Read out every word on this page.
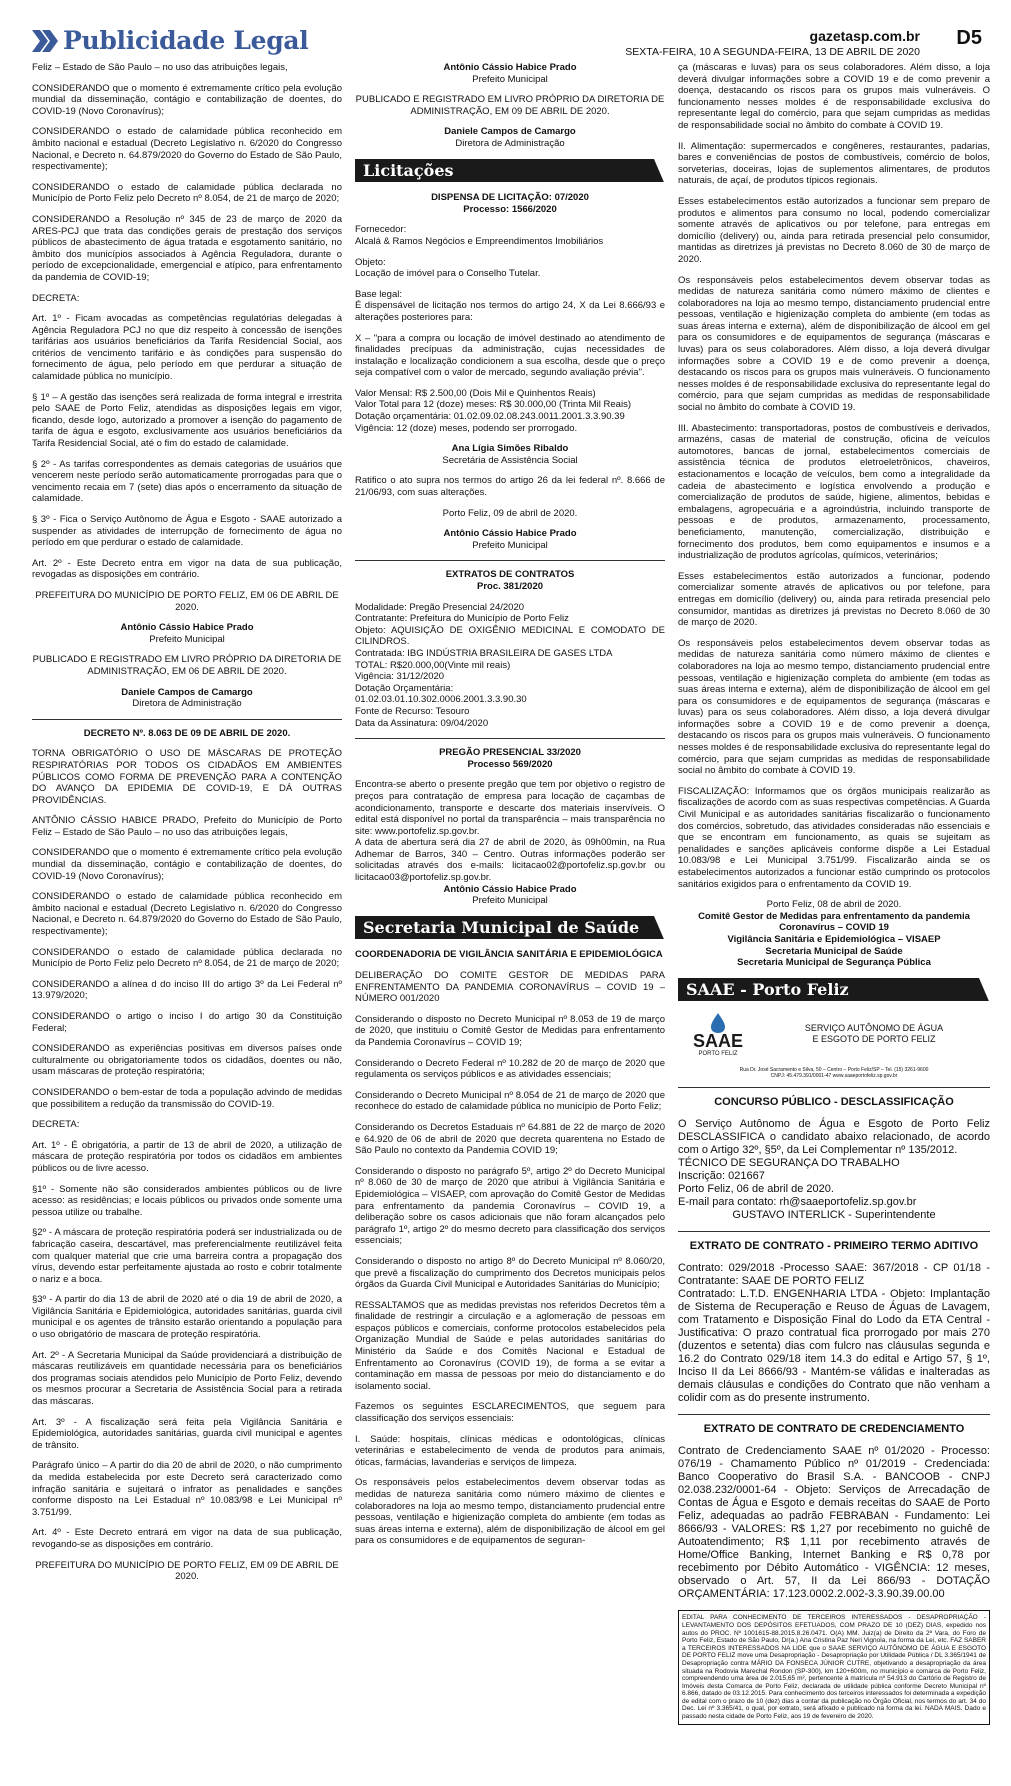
Publicidade Legal	gazetasp.com.br
SEXTA-FEIRA, 10 A SEGUNDA-FEIRA, 13 DE ABRIL DE 2020
D5

Feliz – Estado de São Paulo – no uso das atribuições legais,

CONSIDERANDO que o momento é extremamente crítico pela evolução mundial da disseminação, contágio e contabilização de doentes, do COVID-19 (Novo Coronavírus);

CONSIDERANDO o estado de calamidade pública reconhecido em âmbito nacional e estadual (Decreto Legislativo n. 6/2020 do Congresso Nacional, e Decreto n. 64.879/2020 do Governo do Estado de São Paulo, respectivamente);

CONSIDERANDO o estado de calamidade pública declarada no Município de Porto Feliz pelo Decreto nº 8.054, de 21 de março de 2020;

CONSIDERANDO a Resolução nº 345 de 23 de março de 2020 da ARES-PCJ que trata das condições gerais de prestação dos serviços públicos de abastecimento de água tratada e esgotamento sanitário, no âmbito dos municípios associados à Agência Reguladora, durante o período de excepcionalidade, emergencial e atípico, para enfrentamento da pandemia de COVID-19;

DECRETA:

Art. 1º - Ficam avocadas as competências regulatórias delegadas à Agência Reguladora PCJ no que diz respeito à concessão de isenções tarifárias aos usuários beneficiários da Tarifa Residencial Social, aos critérios de vencimento tarifário e às condições para suspensão do fornecimento de água, pelo período em que perdurar a situação de calamidade pública no município.

§ 1º – A gestão das isenções será realizada de forma integral e irrestrita pelo SAAE de Porto Feliz, atendidas as disposições legais em vigor, ficando, desde logo, autorizado a promover a isenção do pagamento de tarifa de água e esgoto, exclusivamente aos usuários beneficiários da Tarifa Residencial Social, até o fim do estado de calamidade.

§ 2º - As tarifas correspondentes as demais categorias de usuários que vencerem neste período serão automaticamente prorrogadas para que o vencimento recaia em 7 (sete) dias após o encerramento da situação de calamidade.

§ 3º - Fica o Serviço Autônomo de Água e Esgoto - SAAE autorizado a suspender as atividades de interrupção de fornecimento de água no período em que perdurar o estado de calamidade.

Art. 2º - Este Decreto entra em vigor na data de sua publicação, revogadas as disposições em contrário.

PREFEITURA DO MUNICÍPIO DE PORTO FELIZ, EM 06 DE ABRIL DE 2020.

Antônio Cássio Habice Prado
Prefeito Municipal

PUBLICADO E REGISTRADO EM LIVRO PRÓPRIO DA DIRETORIA DE ADMINISTRAÇÃO, EM 06 DE ABRIL DE 2020.

Daniele Campos de Camargo
Diretora de Administração

DECRETO Nº. 8.063 DE 09 DE ABRIL DE 2020.

TORNA OBRIGATÓRIO O USO DE MÁSCARAS DE PROTEÇÃO RESPIRATÓRIAS POR TODOS OS CIDADÃOS EM AMBIENTES PÚBLICOS COMO FORMA DE PREVENÇÃO PARA A CONTENÇÃO DO AVANÇO DA EPIDEMIA DE COVID-19, E DÁ OUTRAS PROVIDÊNCIAS.

ANTÔNIO CÁSSIO HABICE PRADO, Prefeito do Município de Porto Feliz – Estado de São Paulo – no uso das atribuições legais,

CONSIDERANDO que o momento é extremamente crítico pela evolução mundial da disseminação, contágio e contabilização de doentes, do COVID-19 (Novo Coronavírus);

CONSIDERANDO o estado de calamidade pública reconhecido em âmbito nacional e estadual (Decreto Legislativo n. 6/2020 do Congresso Nacional, e Decreto n. 64.879/2020 do Governo do Estado de São Paulo, respectivamente);

CONSIDERANDO o estado de calamidade pública declarada no Município de Porto Feliz pelo Decreto nº 8.054, de 21 de março de 2020;

CONSIDERANDO a alínea d do inciso III do artigo 3º da Lei Federal nº 13.979/2020;

CONSIDERANDO o artigo o inciso I do artigo 30 da Constituição Federal;

CONSIDERANDO as experiências positivas em diversos países onde culturalmente ou obrigatoriamente todos os cidadãos, doentes ou não, usam máscaras de proteção respiratória;

CONSIDERANDO o bem-estar de toda a população advindo de medidas que possibilitem a redução da transmissão do COVID-19.

DECRETA:

Art. 1º - É obrigatória, a partir de 13 de abril de 2020, a utilização de máscara de proteção respiratória por todos os cidadãos em ambientes públicos ou de livre acesso.

§1º - Somente não são considerados ambientes públicos ou de livre acesso: as residências; e locais públicos ou privados onde somente uma pessoa utilize ou trabalhe.

§2º - A máscara de proteção respiratória poderá ser industrializada ou de fabricação caseira, descartável, mas preferencialmente reutilizável feita com qualquer material que crie uma barreira contra a propagação dos vírus, devendo estar perfeitamente ajustada ao rosto e cobrir totalmente o nariz e a boca.

§3º - A partir do dia 13 de abril de 2020 até o dia 19 de abril de 2020, a Vigilância Sanitária e Epidemiológica, autoridades sanitárias, guarda civil municipal e os agentes de trânsito estarão orientando a população para o uso obrigatório de mascara de proteção respiratória.

Art. 2º - A Secretaria Municipal da Saúde providenciará a distribuição de máscaras reutilizáveis em quantidade necessária para os beneficiários dos programas sociais atendidos pelo Município de Porto Feliz, devendo os mesmos procurar a Secretaria de Assistência Social para a retirada das máscaras.

Art. 3º - A fiscalização será feita pela Vigilância Sanitária e Epidemiológica, autoridades sanitárias, guarda civil municipal e agentes de trânsito.

Parágrafo único – A partir do dia 20 de abril de 2020, o não cumprimento da medida estabelecida por este Decreto será caracterizado como infração sanitária e sujeitará o infrator as penalidades e sanções conforme disposto na Lei Estadual nº 10.083/98 e Lei Municipal nº 3.751/99.

Art. 4º - Este Decreto entrará em vigor na data de sua publicação, revogando-se as disposições em contrário.

PREFEITURA DO MUNICÍPIO DE PORTO FELIZ, EM 09 DE ABRIL DE 2020.

Antônio Cássio Habice Prado
Prefeito Municipal

PUBLICADO E REGISTRADO EM LIVRO PRÓPRIO DA DIRETORIA DE ADMINISTRAÇÃO, EM 09 DE ABRIL DE 2020.

Daniele Campos de Camargo
Diretora de Administração
Licitações

DISPENSA DE LICITAÇÃO: 07/2020

Processo: 1566/2020

Fornecedor:

Alcalá & Ramos Negócios e Empreendimentos Imobiliários

Objeto:

Locação de imóvel para o Conselho Tutelar.

Base legal:

É dispensável de licitação nos termos do artigo 24, X da Lei 8.666/93 e alterações posteriores para:

X – "para a compra ou locação de imóvel destinado ao atendimento de finalidades precípuas da administração, cujas necessidades de instalação e localização condicionem a sua escolha, desde que o preço seja compatível com o valor de mercado, segundo avaliação prévia".

Valor Mensal: R$ 2.500,00 (Dois Mil e Quinhentos Reais)

Valor Total para 12 (doze) meses: R$ 30.000,00 (Trinta Mil Reais)

Dotação orçamentária: 01.02.09.02.08.243.0011.2001.3.3.90.39

Vigência: 12 (doze) meses, podendo ser prorrogado.

Ana Lígia Simões Ribaldo
Secretária de Assistência Social

Ratifico o ato supra nos termos do artigo 26 da lei federal nº. 8.666 de 21/06/93, com suas alterações.

Porto Feliz, 09 de abril de 2020.

Antônio Cássio Habice Prado
Prefeito Municipal

EXTRATOS DE CONTRATOS

Proc. 381/2020

Modalidade: Pregão Presencial 24/2020

Contratante: Prefeitura do Município de Porto Feliz

Objeto: AQUISIÇÃO DE OXIGÊNIO MEDICINAL E COMODATO DE CILINDROS.

Contratada: IBG INDÚSTRIA BRASILEIRA DE GASES LTDA

TOTAL: R$20.000,00(Vinte mil reais)

Vigência: 31/12/2020

Dotação Orçamentária:

01.02.03.01.10.302.0006.2001.3.3.90.30

Fonte de Recurso: Tesouro

Data da Assinatura: 09/04/2020

PREGÃO PRESENCIAL 33/2020

Processo 569/2020

Encontra-se aberto o presente pregão que tem por objetivo o registro de preços para contratação de empresa para locação de caçambas de acondicionamento, transporte e descarte dos materiais inservíveis. O edital está disponível no portal da transparência – mais transparência no site: www.portofeliz.sp.gov.br.

A data de abertura será dia 27 de abril de 2020, às 09h00min, na Rua Adhemar de Barros, 340 – Centro. Outras informações poderão ser solicitadas através dos e-mails: licitacao02@portofeliz.sp.gov.br ou licitacao03@portofeliz.sp.gov.br.

Antônio Cássio Habice Prado
Prefeito Municipal
Secretaria Municipal de Saúde

COORDENADORIA DE VIGILÂNCIA SANITÁRIA E EPIDEMIOLÓGICA

DELIBERAÇÃO DO COMITE GESTOR DE MEDIDAS PARA ENFRENTAMENTO DA PANDEMIA CORONAVÍRUS – COVID 19 – NÚMERO 001/2020

Considerando o disposto no Decreto Municipal nº 8.053 de 19 de março de 2020, que instituiu o Comitê Gestor de Medidas para enfrentamento da Pandemia Coronavírus – COVID 19;

Considerando o Decreto Federal nº 10.282 de 20 de março de 2020 que regulamenta os serviços públicos e as atividades essenciais;

Considerando o Decreto Municipal nº 8.054 de 21 de março de 2020 que reconhece do estado de calamidade pública no município de Porto Feliz;

Considerando os Decretos Estaduais nº 64.881 de 22 de março de 2020 e 64.920 de 06 de abril de 2020 que decreta quarentena no Estado de São Paulo no contexto da Pandemia COVID 19;

Considerando o disposto no parágrafo 5º, artigo 2º do Decreto Municipal nº 8.060 de 30 de março de 2020 que atribui à Vigilância Sanitária e Epidemiológica – VISAEP, com aprovação do Comitê Gestor de Medidas para enfrentamento da pandemia Coronavírus – COVID 19, a deliberação sobre os casos adicionais que não foram alcançados pelo parágrafo 1º, artigo 2º do mesmo decreto para classificação dos serviços essenciais;

Considerando o disposto no artigo 8º do Decreto Municipal nº 8.060/20, que prevê a fiscalização do cumprimento dos Decretos municipais pelos órgãos da Guarda Civil Municipal e Autoridades Sanitárias do Município;

RESSALTAMOS que as medidas previstas nos referidos Decretos têm a finalidade de restringir a circulação e a aglomeração de pessoas em espaços públicos e comerciais, conforme protocolos estabelecidos pela Organização Mundial de Saúde e pelas autoridades sanitárias do Ministério da Saúde e dos Comitês Nacional e Estadual de Enfrentamento ao Coronavírus (COVID 19), de forma a se evitar a contaminação em massa de pessoas por meio do distanciamento e do isolamento social.

Fazemos os seguintes ESCLARECIMENTOS, que seguem para classificação dos serviços essenciais:

I. Saúde: hospitais, clínicas médicas e odontológicas, clínicas veterinárias e estabelecimento de venda de produtos para animais, óticas, farmácias, lavanderias e serviços de limpeza.

Os responsáveis pelos estabelecimentos devem observar todas as medidas de natureza sanitária como número máximo de clientes e colaboradores na loja ao mesmo tempo, distanciamento prudencial entre pessoas, ventilação e higienização completa do ambiente (em todas as suas áreas interna e externa), além de disponibilização de álcool em gel para os consumidores e de equipamentos de seguran-

ça (máscaras e luvas) para os seus colaboradores. Além disso, a loja deverá divulgar informações sobre a COVID 19 e de como prevenir a doença, destacando os riscos para os grupos mais vulneráveis. O funcionamento nesses moldes é de responsabilidade exclusiva do representante legal do comércio, para que sejam cumpridas as medidas de responsabilidade social no âmbito do combate à COVID 19.

II. Alimentação: supermercados e congêneres, restaurantes, padarias, bares e conveniências de postos de combustíveis, comércio de bolos, sorveterias, doceiras, lojas de suplementos alimentares, de produtos naturais, de açaí, de produtos típicos regionais.

Esses estabelecimentos estão autorizados a funcionar sem preparo de produtos e alimentos para consumo no local, podendo comercializar somente através de aplicativos ou por telefone, para entregas em domicílio (delivery) ou, ainda para retirada presencial pelo consumidor, mantidas as diretrizes já previstas no Decreto 8.060 de 30 de março de 2020.

Os responsáveis pelos estabelecimentos devem observar todas as medidas de natureza sanitária como número máximo de clientes e colaboradores na loja ao mesmo tempo, distanciamento prudencial entre pessoas, ventilação e higienização completa do ambiente (em todas as suas áreas interna e externa), além de disponibilização de álcool em gel para os consumidores e de equipamentos de segurança (máscaras e luvas) para os seus colaboradores. Além disso, a loja deverá divulgar informações sobre a COVID 19 e de como prevenir a doença, destacando os riscos para os grupos mais vulneráveis. O funcionamento nesses moldes é de responsabilidade exclusiva do representante legal do comércio, para que sejam cumpridas as medidas de responsabilidade social no âmbito do combate à COVID 19.

III. Abastecimento: transportadoras, postos de combustíveis e derivados, armazéns, casas de material de construção, oficina de veículos automotores, bancas de jornal, estabelecimentos comerciais de assistência técnica de produtos eletroeletrônicos, chaveiros, estacionamentos e locação de veículos, bem como a integralidade da cadeia de abastecimento e logística envolvendo a produção e comercialização de produtos de saúde, higiene, alimentos, bebidas e embalagens, agropecuária e a agroindústria, incluindo transporte de pessoas e de produtos, armazenamento, processamento, beneficiamento, manutenção, comercialização, distribuição e fornecimento dos produtos, bem como equipamentos e insumos e a industrialização de produtos agrícolas, químicos, veterinários;

Esses estabelecimentos estão autorizados a funcionar, podendo comercializar somente através de aplicativos ou por telefone, para entregas em domicílio (delivery) ou, ainda para retirada presencial pelo consumidor, mantidas as diretrizes já previstas no Decreto 8.060 de 30 de março de 2020.

Os responsáveis pelos estabelecimentos devem observar todas as medidas de natureza sanitária como número máximo de clientes e colaboradores na loja ao mesmo tempo, distanciamento prudencial entre pessoas, ventilação e higienização completa do ambiente (em todas as suas áreas interna e externa), além de disponibilização de álcool em gel para os consumidores e de equipamentos de segurança (máscaras e luvas) para os seus colaboradores. Além disso, a loja deverá divulgar informações sobre a COVID 19 e de como prevenir a doença, destacando os riscos para os grupos mais vulneráveis. O funcionamento nesses moldes é de responsabilidade exclusiva do representante legal do comércio, para que sejam cumpridas as medidas de responsabilidade social no âmbito do combate à COVID 19.

FISCALIZAÇÃO: Informamos que os órgãos municipais realizarão as fiscalizações de acordo com as suas respectivas competências. A Guarda Civil Municipal e as autoridades sanitárias fiscalizarão o funcionamento dos comércios, sobretudo, das atividades consideradas não essenciais e que se encontram em funcionamento, as quais se sujeitam as penalidades e sanções aplicáveis conforme dispõe a Lei Estadual 10.083/98 e Lei Municipal 3.751/99. Fiscalizarão ainda se os estabelecimentos autorizados a funcionar estão cumprindo os protocolos sanitários exigidos para o enfrentamento da COVID 19.

Porto Feliz, 08 de abril de 2020.

Comitê Gestor de Medidas para enfrentamento da pandemia Coronavírus – COVID 19

Vigilância Sanitária e Epidemiológica – VISAEP

Secretaria Municipal de Saúde

Secretaria Municipal de Segurança Pública

SAAE - Porto Feliz
SAAE
PORTO FELIZ
SERVIÇO AUTÔNOMO DE ÁGUA
E ESGOTO DE PORTO FELIZ
Rua Dr. José Sacramento e Silva, 50 – Centro – Porto Feliz/SP – Tel. (15) 3261-9600
CNPJ: 45.479.391/0001-47 www.saaeportofeliz.sp.gov.br

CONCURSO PÚBLICO - DESCLASSIFICAÇÃO

O Serviço Autônomo de Água e Esgoto de Porto Feliz DESCLASSIFICA o candidato abaixo relacionado, de acordo com o Artigo 32º, §5º, da Lei Complementar nº 135/2012.

TÉCNICO DE SEGURANÇA DO TRABALHO

Inscrição: 021667

Porto Feliz, 06 de abril de 2020.

E-mail para contato: rh@saaeportofeliz.sp.gov.br

GUSTAVO INTERLICK - Superintendente

EXTRATO DE CONTRATO - PRIMEIRO TERMO ADITIVO

Contrato: 029/2018 -Processo SAAE: 367/2018 - CP 01/18 - Contratante: SAAE DE PORTO FELIZ

Contratado: L.T.D. ENGENHARIA LTDA - Objeto: Implantação de Sistema de Recuperação e Reuso de Águas de Lavagem, com Tratamento e Disposição Final do Lodo da ETA Central - Justificativa: O prazo contratual fica prorrogado por mais 270 (duzentos e setenta) dias com fulcro nas cláusulas segunda e 16.2 do Contrato 029/18 item 14.3 do edital e Artigo 57, § 1º, Inciso II da Lei 8666/93 - Mantém-se válidas e inalteradas as demais cláusulas e condições do Contrato que não venham a colidir com as do presente instrumento.

EXTRATO DE CONTRATO DE CREDENCIAMENTO

Contrato de Credenciamento SAAE nº 01/2020 - Processo: 076/19 - Chamamento Público nº 01/2019 - Credenciada: Banco Cooperativo do Brasil S.A. - BANCOOB - CNPJ 02.038.232/0001-64 - Objeto: Serviços de Arrecadação de Contas de Água e Esgoto e demais receitas do SAAE de Porto Feliz, adequadas ao padrão FEBRABAN - Fundamento: Lei 8666/93 - VALORES: R$ 1,27 por recebimento no guichê de Autoatendimento; R$ 1,11 por recebimento através de Home/Office Banking, Internet Banking e R$ 0,78 por recebimento por Débito Automático - VIGÊNCIA: 12 meses, observado o Art. 57, II da Lei 866/93 - DOTAÇÃO ORÇAMENTÁRIA: 17.123.0002.2.002-3.3.90.39.00.00

EDITAL PARA CONHECIMENTO DE TERCEIROS INTERESSADOS - DESAPROPRIAÇÃO - LEVANTAMENTO DOS DEPÓSITOS EFETUADOS, COM PRAZO DE 10 (DEZ) DIAS, expedido nos autos do PROC. Nº 1001615-88.2015.8.26.0471. O(A) MM. Juiz(a) de Direito da 2ª Vara, do Foro de Porto Feliz, Estado de São Paulo, Dr(a.) Ana Cristina Paz Neri Vignola, na forma da Lei, etc. FAZ SABER a TERCEIROS INTERESSADOS NA LIDE que o SAAE SERVIÇO AUTÔNOMO DE ÁGUA E ESGOTO DE PORTO FELIZ move uma Desapropriação - Desapropriação por Utilidade Pública / DL 3.365/1941 de Desapropriação contra MÁRIO DA FONSECA JÚNIOR CUTRE, objetivando a desapropriação da área situada na Rodovia Marechal Rondon (SP-300), km 120+600m, no município e comarca de Porto Feliz, compreendendo uma área de 2.015,65 m², pertencente à matrícula nº 54.913 do Cartório de Registro de Imóveis desta Comarca de Porto Feliz, declarada de utilidade pública conforme Decreto Municipal nº 6.866, datado de 03.12.2015. Para conhecimento dos terceiros interessados foi determinada a expedição de edital com o prazo de 10 (dez) dias a contar da publicação no Órgão Oficial, nos termos do art. 34 do Dec. Lei nº 3.365/41, o qual, por extrato, será afixado e publicado na forma da lei. NADA MAIS. Dado e passado nesta cidade de Porto Feliz, aos 19 de fevereiro de 2020.
